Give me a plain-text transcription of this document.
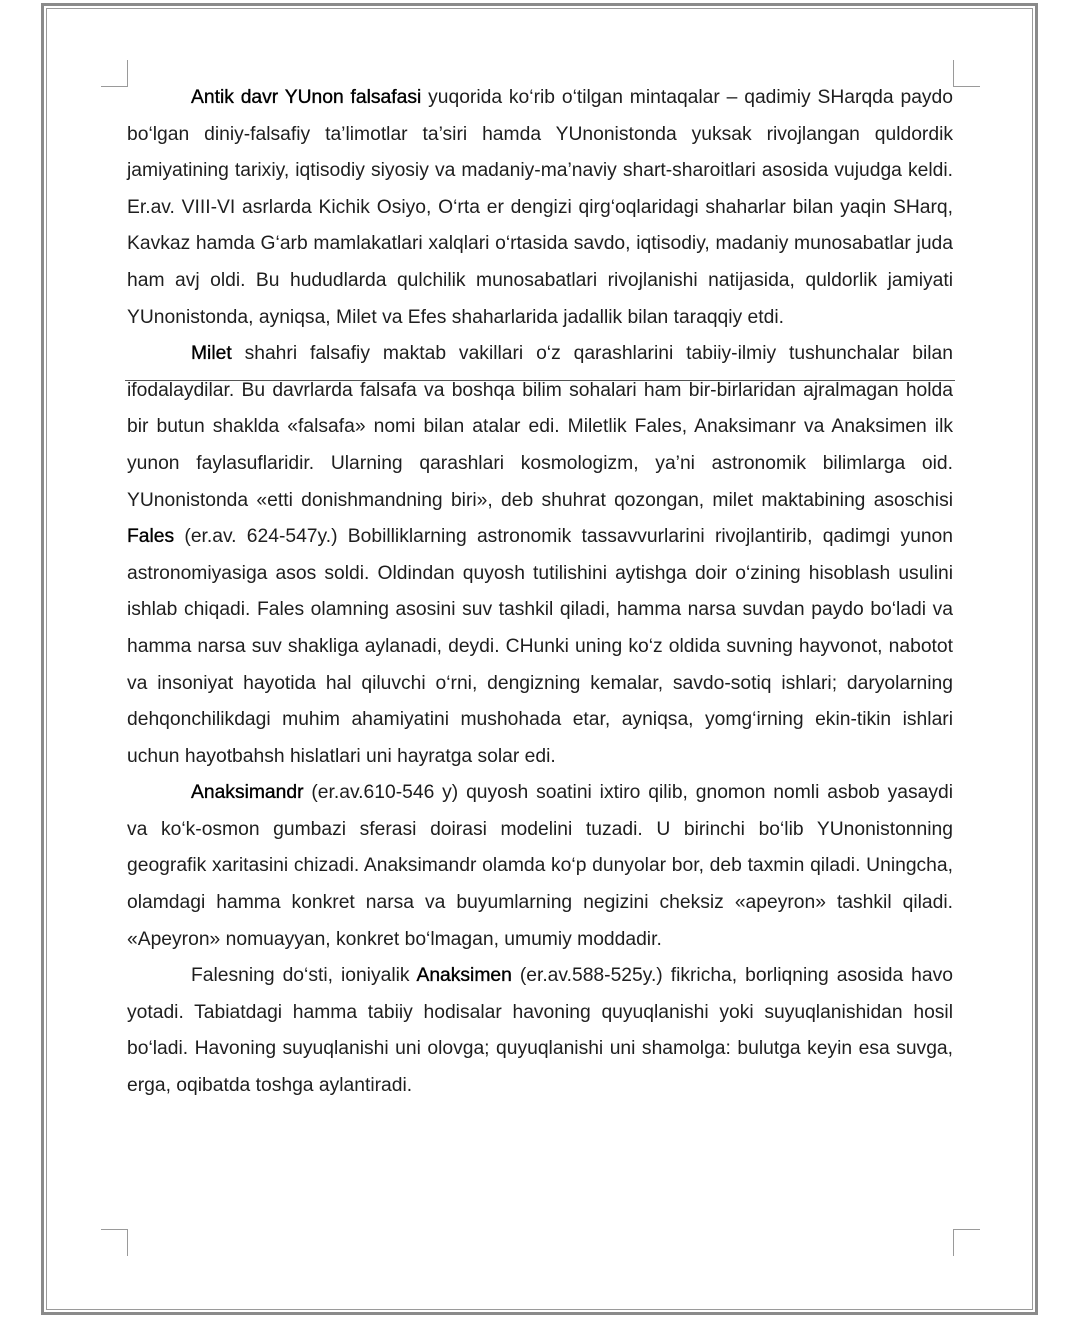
Antik davr YUnon falsafasi yuqorida ko‘rib o‘tilgan mintaqalar – qadimiy SHarqda paydo bo‘lgan diniy-falsafiy ta’limotlar ta’siri hamda YUnonistonda yuksak rivojlangan quldordik jamiyatining tarixiy, iqtisodiy siyosiy va madaniy-ma’naviy shart-sharoitlari asosida vujudga keldi. Er.av. VIII-VI asrlarda Kichik Osiyo, O‘rta er dengizi qirg‘oqlaridagi shaharlar bilan yaqin SHarq, Kavkaz hamda G‘arb mamlakatlari xalqlari o‘rtasida savdo, iqtisodiy, madaniy munosabatlar juda ham avj oldi. Bu hududlarda qulchilik munosabatlari rivojlanishi natijasida, quldorlik jamiyati YUnonistonda, ayniqsa, Milet va Efes shaharlarida jadallik bilan taraqqiy etdi.

Milet shahri falsafiy maktab vakillari o‘z qarashlarini tabiiy-ilmiy tushunchalar bilan ifodalaydilar. Bu davrlarda falsafa va boshqa bilim sohalari ham bir-birlaridan ajralmagan holda bir butun shaklda «falsafa» nomi bilan atalar edi. Miletlik Fales, Anaksimanr va Anaksimen ilk yunon faylasuflaridir. Ularning qarashlari kosmologizm, ya’ni astronomik bilimlarga oid. YUnonistonda «etti donishmandning biri», deb shuhrat qozongan, milet maktabining asoschisi Fales (er.av. 624-547y.) Bobilliklarning astronomik tassavvurlarini rivojlantirib, qadimgi yunon astronomiyasiga asos soldi. Oldindan quyosh tutilishini aytishga doir o‘zining hisoblash usulini ishlab chiqadi. Fales olamning asosini suv tashkil qiladi, hamma narsa suvdan paydo bo‘ladi va hamma narsa suv shakliga aylanadi, deydi. CHunki uning ko‘z oldida suvning hayvonot, nabotot va insoniyat hayotida hal qiluvchi o‘rni, dengizning kemalar, savdo-sotiq ishlari; daryolarning dehqonchilikdagi muhim ahamiyatini mushohada etar, ayniqsa, yomg‘irning ekin-tikin ishlari uchun hayotbahsh hislatlari uni hayratga solar edi.

Anaksimandr (er.av.610-546 y) quyosh soatini ixtiro qilib, gnomon nomli asbob yasaydi va ko‘k-osmon gumbazi sferasi doirasi modelini tuzadi. U birinchi bo‘lib YUnonistonning geografik xaritasini chizadi. Anaksimandr olamda ko‘p dunyolar bor, deb taxmin qiladi. Uningcha, olamdagi hamma konkret narsa va buyumlarning negizini cheksiz «apeyron» tashkil qiladi. «Apeyron» nomuayyan, konkret bo‘lmagan, umumiy moddadir.

Falesning do‘sti, ioniyalik Anaksimen (er.av.588-525y.) fikricha, borliqning asosida havo yotadi. Tabiatdagi hamma tabiiy hodisalar havoning quyuqlanishi yoki suyuqlanishidan hosil bo‘ladi. Havoning suyuqlanishi uni olovga; quyuqlanishi uni shamolga: bulutga keyin esa suvga, erga, oqibatda toshga aylantiradi.
